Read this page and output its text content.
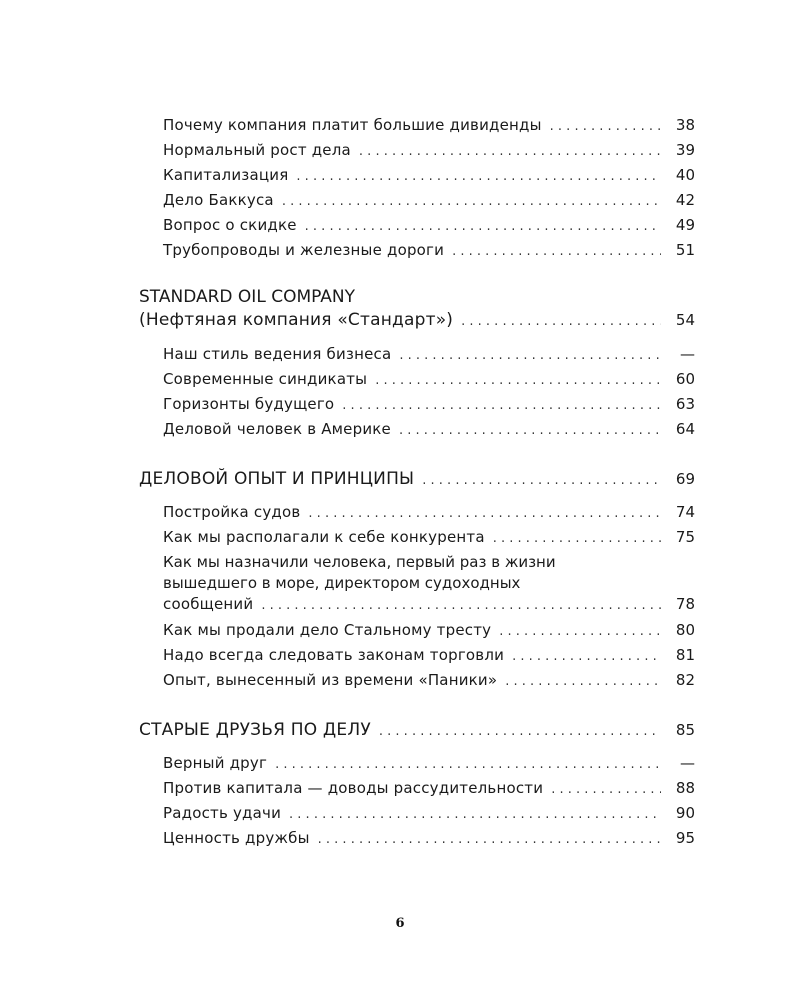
Почему компания платит большие дивиденды . . .	38
Нормальный рост дела . . .	39
Капитализация . . .	40
Дело Баккуса . . .	42
Вопрос о скидке . . .	49
Трубопроводы и железные дороги . . .	51
STANDARD OIL COMPANY
(Нефтяная компания «Стандарт») . . .	54
Наш стиль ведения бизнеса . . .	—
Современные синдикаты . . .	60
Горизонты будущего . . .	63
Деловой человек в Америке . . .	64
ДЕЛОВОЙ ОПЫТ И ПРИНЦИПЫ . . .	69
Постройка судов . . .	74
Как мы располагали к себе конкурента . . .	75
Как мы назначили человека, первый раз в жизни
вышедшего в море, директором судоходных
сообщений . . .	78
Как мы продали дело Стальному тресту . . .	80
Надо всегда следовать законам торговли . . .	81
Опыт, вынесенный из времени «Паники» . . .	82
СТАРЫЕ ДРУЗЬЯ ПО ДЕЛУ . . .	85
Верный друг . . .	—
Против капитала — доводы рассудительности . . .	88
Радость удачи . . .	90
Ценность дружбы . . .	95
6
